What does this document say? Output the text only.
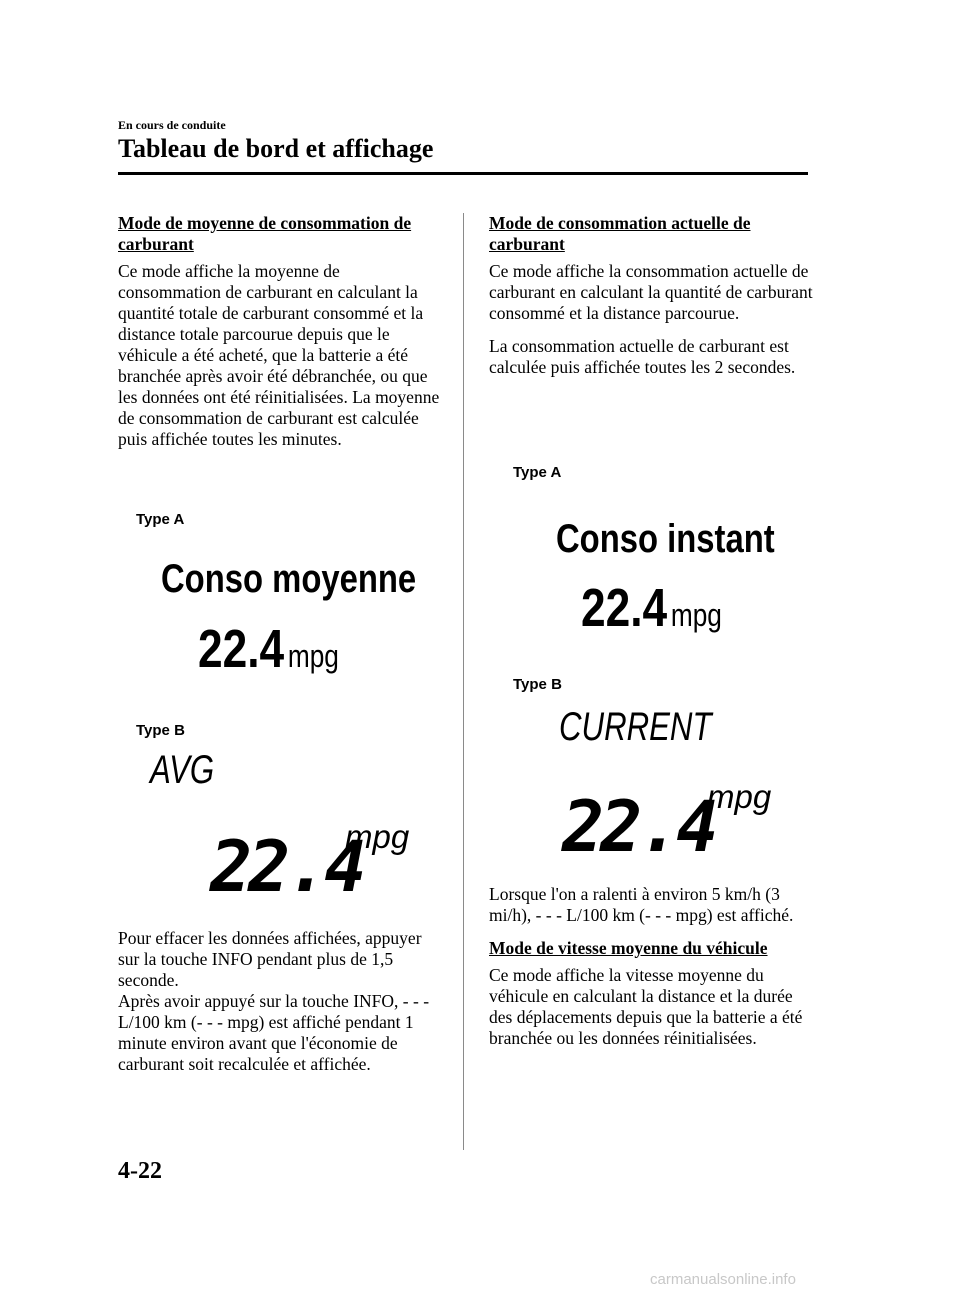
En cours de conduite
Tableau de bord et affichage

Mode de moyenne de consommation de carburant

Ce mode affiche la moyenne de consommation de carburant en calculant la quantité totale de carburant consommé et la distance totale parcourue depuis que le véhicule a été acheté, que la batterie a été branchée après avoir été débranchée, ou que les données ont été réinitialisées. La moyenne de consommation de carburant est calculée puis affichée toutes les minutes.

Type A
Conso moyenne
22.4 mpg
Type B
AVG
22.4
mpg

Pour effacer les données affichées, appuyer sur la touche INFO pendant plus de 1,5 seconde.

Après avoir appuyé sur la touche INFO, - - - L/100 km (- - - mpg) est affiché pendant 1 minute environ avant que l'économie de carburant soit recalculée et affichée.

Mode de consommation actuelle de carburant

Ce mode affiche la consommation actuelle de carburant en calculant la quantité de carburant consommé et la distance parcourue.

La consommation actuelle de carburant est calculée puis affichée toutes les 2 secondes.

Type A
Conso instant
22.4 mpg
Type B
CURRENT
22.4
mpg

Lorsque l'on a ralenti à environ 5 km/h (3 mi/h), - - - L/100 km (- - - mpg) est affiché.

Mode de vitesse moyenne du véhicule

Ce mode affiche la vitesse moyenne du véhicule en calculant la distance et la durée des déplacements depuis que la batterie a été branchée ou les données réinitialisées.

4-22
carmanualsonline.info
